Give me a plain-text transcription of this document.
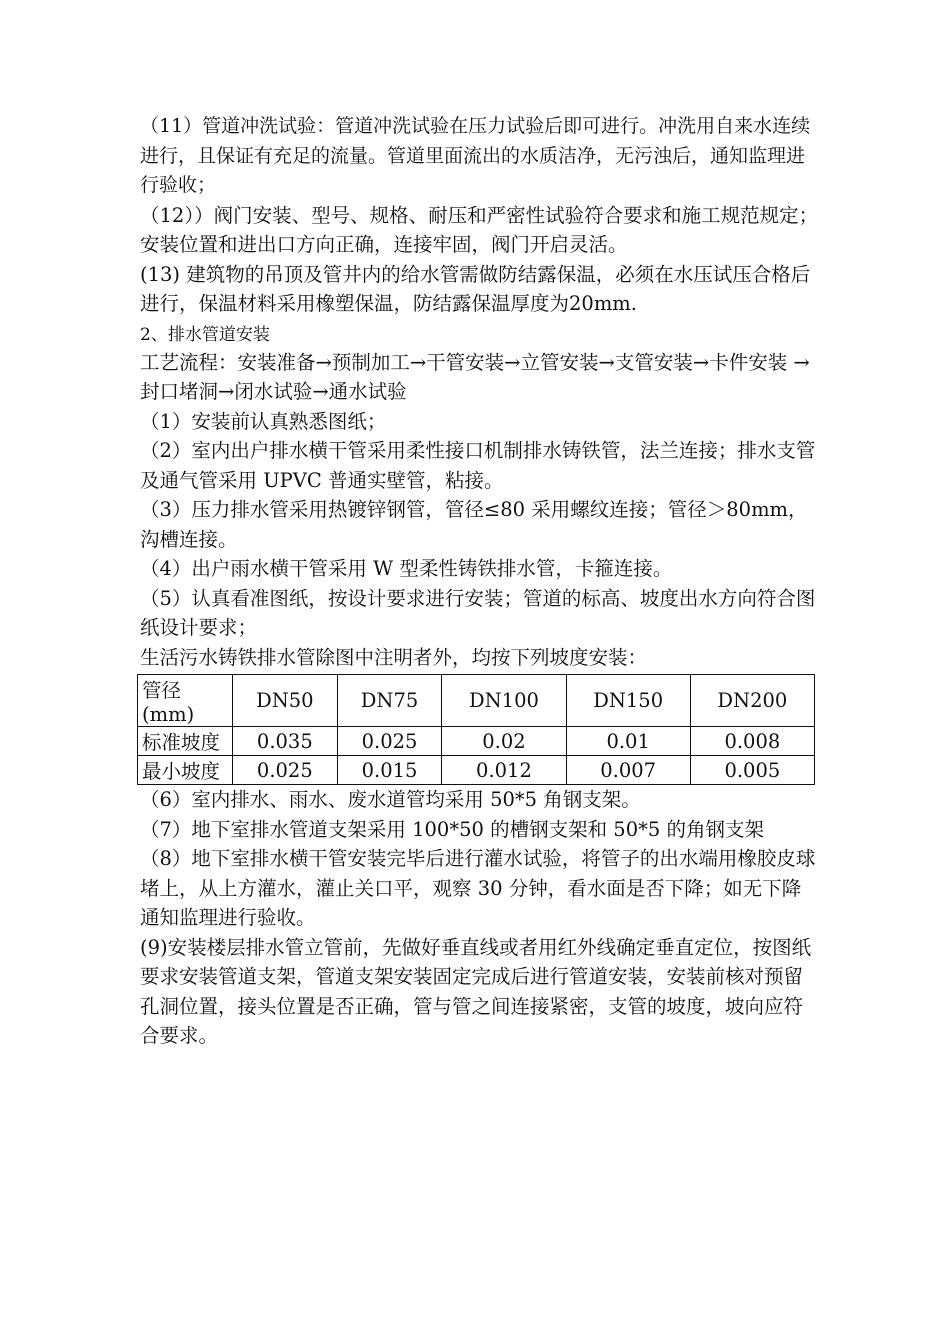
（11）管道冲洗试验：管道冲洗试验在压力试验后即可进行。冲洗用自来水连续进行，且保证有充足的流量。管道里面流出的水质洁净，无污浊后，通知监理进行验收；

（12））阀门安装、型号、规格、耐压和严密性试验符合要求和施工规范规定；安装位置和进出口方向正确，连接牢固，阀门开启灵活。

(13) 建筑物的吊顶及管井内的给水管需做防结露保温，必须在水压试压合格后进行，保温材料采用橡塑保温，防结露保温厚度为20mm.

2、排水管道安装

工艺流程：安装准备→预制加工→干管安装→立管安装→支管安装→卡件安装 →封口堵洞→闭水试验→通水试验

（1）安装前认真熟悉图纸；

（2）室内出户排水横干管采用柔性接口机制排水铸铁管，法兰连接；排水支管及通气管采用 UPVC 普通实壁管，粘接。

（3）压力排水管采用热镀锌钢管，管径≤80 采用螺纹连接；管径＞80mm，沟槽连接。

（4）出户雨水横干管采用 W 型柔性铸铁排水管，卡箍连接。

（5）认真看准图纸，按设计要求进行安装；管道的标高、坡度出水方向符合图纸设计要求；

生活污水铸铁排水管除图中注明者外，均按下列坡度安装：

管径(mm)	DN50	DN75	DN100	DN150	DN200
标准坡度	0.035	0.025	0.02	0.01	0.008
最小坡度	0.025	0.015	0.012	0.007	0.005

（6）室内排水、雨水、废水道管均采用 50*5 角钢支架。

（7）地下室排水管道支架采用 100*50 的槽钢支架和 50*5 的角钢支架

（8）地下室排水横干管安装完毕后进行灌水试验，将管子的出水端用橡胶皮球堵上，从上方灌水，灌止关口平，观察 30 分钟，看水面是否下降；如无下降通知监理进行验收。

(9)安装楼层排水管立管前，先做好垂直线或者用红外线确定垂直定位，按图纸要求安装管道支架，管道支架安装固定完成后进行管道安装，安装前核对预留孔洞位置，接头位置是否正确，管与管之间连接紧密，支管的坡度，坡向应符合要求。
